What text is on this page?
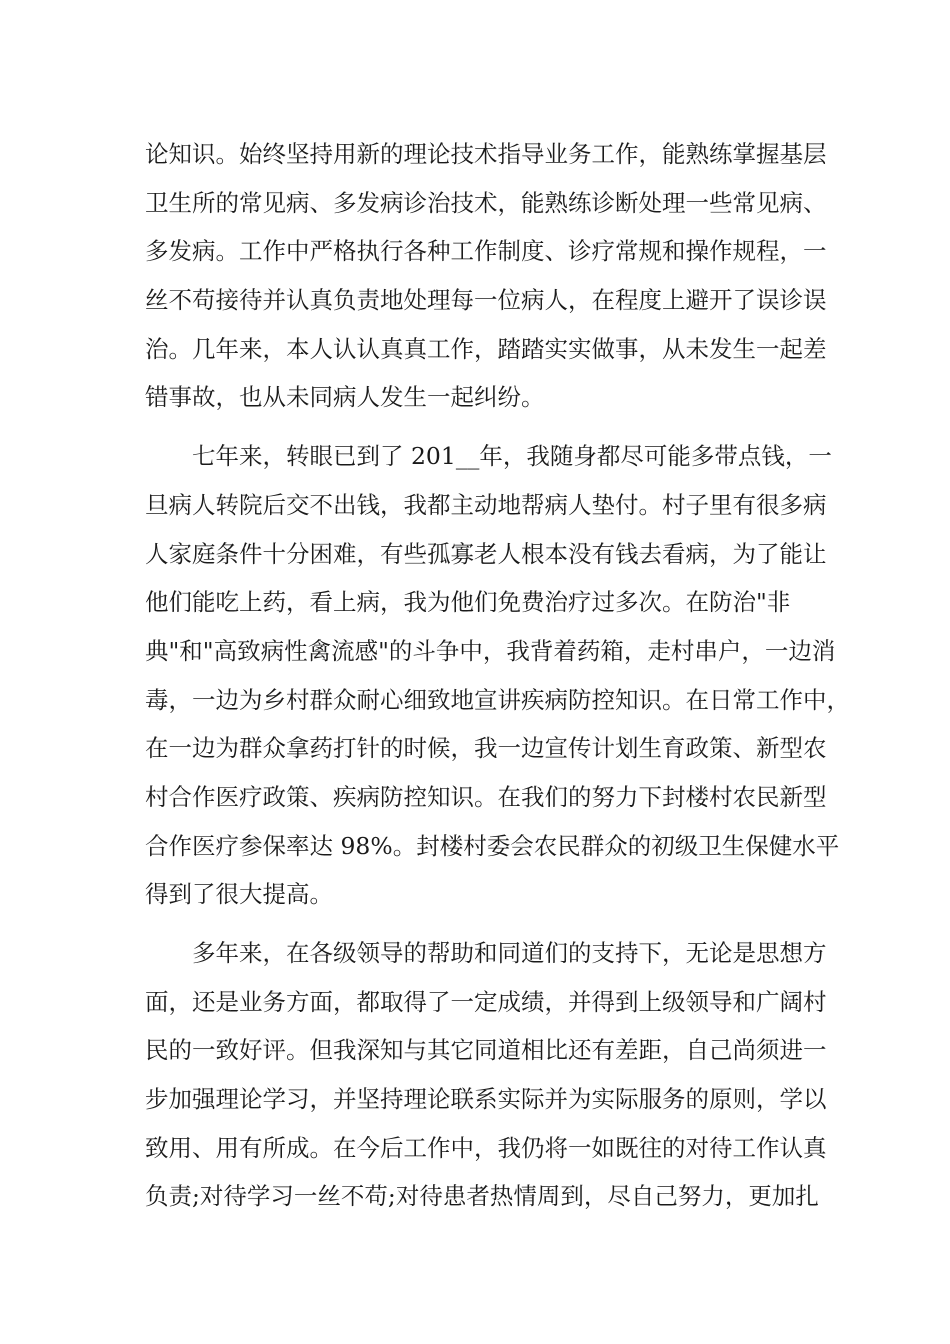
论知识。始终坚持用新的理论技术指导业务工作，能熟练掌握基层
卫生所的常见病、多发病诊治技术，能熟练诊断处理一些常见病、
多发病。工作中严格执行各种工作制度、诊疗常规和操作规程，一
丝不苟接待并认真负责地处理每一位病人，在程度上避开了误诊误
治。几年来，本人认认真真工作，踏踏实实做事，从未发生一起差
错事故，也从未同病人发生一起纠纷。
七年来，转眼已到了 201__年，我随身都尽可能多带点钱，一
旦病人转院后交不出钱，我都主动地帮病人垫付。村子里有很多病
人家庭条件十分困难，有些孤寡老人根本没有钱去看病，为了能让
他们能吃上药，看上病，我为他们免费治疗过多次。在防治"非
典"和"高致病性禽流感"的斗争中，我背着药箱，走村串户，一边消
毒，一边为乡村群众耐心细致地宣讲疾病防控知识。在日常工作中，
在一边为群众拿药打针的时候，我一边宣传计划生育政策、新型农
村合作医疗政策、疾病防控知识。在我们的努力下封楼村农民新型
合作医疗参保率达 98%。封楼村委会农民群众的初级卫生保健水平
得到了很大提高。
多年来，在各级领导的帮助和同道们的支持下，无论是思想方
面，还是业务方面，都取得了一定成绩，并得到上级领导和广阔村
民的一致好评。但我深知与其它同道相比还有差距，自己尚须进一
步加强理论学习，并坚持理论联系实际并为实际服务的原则，学以
致用、用有所成。在今后工作中，我仍将一如既往的对待工作认真
负责;对待学习一丝不苟;对待患者热情周到，尽自己努力，更加扎
